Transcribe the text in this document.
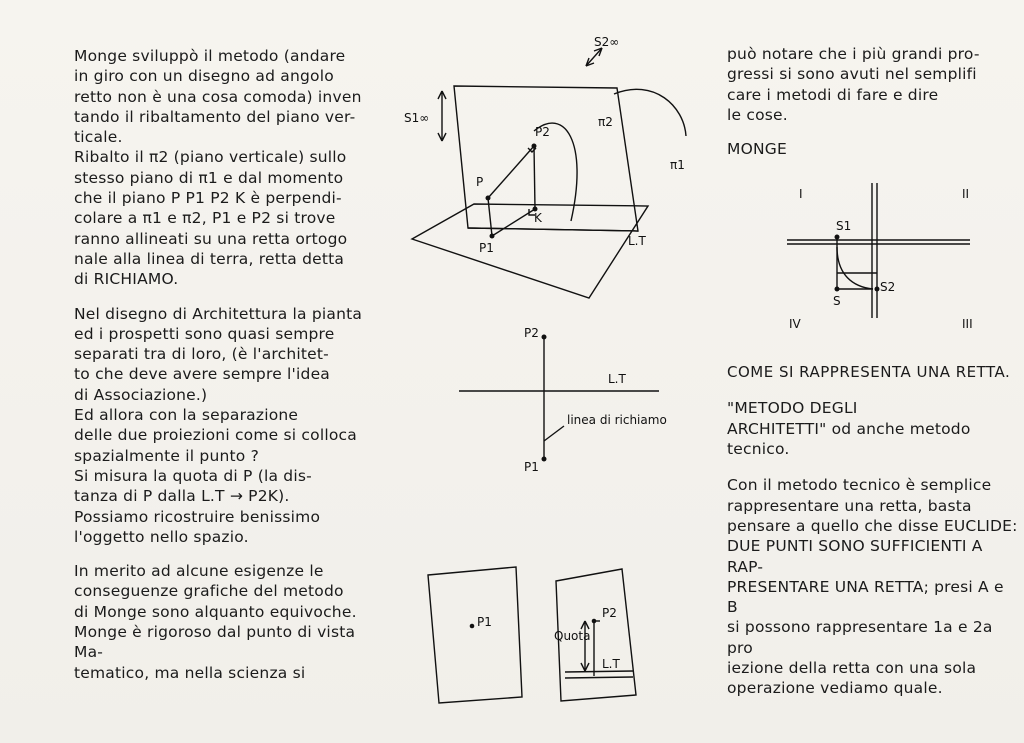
Monge sviluppò il metodo (andare
in giro con un disegno ad angolo
retto non è una cosa comoda) inven
tando il ribaltamento del piano ver-
ticale.
Ribalto il π2 (piano verticale) sullo
stesso piano di π1 e dal momento
che il piano P P1 P2 K è perpendi-
colare a π1 e π2, P1 e P2 si trove
ranno allineati su una retta ortogo
nale alla linea di terra, retta detta
di RICHIAMO.

Nel disegno di Architettura la pianta
ed i prospetti sono quasi sempre
separati tra di loro, (è l'architet-
to che deve avere sempre l'idea
di Associazione.)
Ed allora con la separazione
delle due proiezioni come si colloca
spazialmente il punto ?
Si misura la quota di P (la dis-
tanza di P dalla L.T → P2K).
Possiamo ricostruire benissimo
l'oggetto nello spazio.

In merito ad alcune esigenze le
conseguenze grafiche del metodo
di Monge sono alquanto equivoche.
Monge è rigoroso dal punto di vista Ma-
tematico, ma nella scienza si

S2∞
S1∞
P2
π2
π1
P
K
P1	L.T
P2
L.T
P1
linea di richiamo
P1
P2
Quota
L.T

può notare che i più grandi pro-
gressi si sono avuti nel semplifi
care i metodi di fare e dire
le cose.

MONGE

I	II
III
IV
S1
S2
S

COME SI RAPPRESENTA UNA RETTA.

"METODO DEGLI
ARCHITETTI" od anche metodo
tecnico.

Con il metodo tecnico è semplice
rappresentare una retta, basta
pensare a quello che disse EUCLIDE:
DUE PUNTI SONO SUFFICIENTI A RAP-
PRESENTARE UNA RETTA; presi A e B
si possono rappresentare 1a e 2a pro
iezione della retta con una sola
operazione vediamo quale.
